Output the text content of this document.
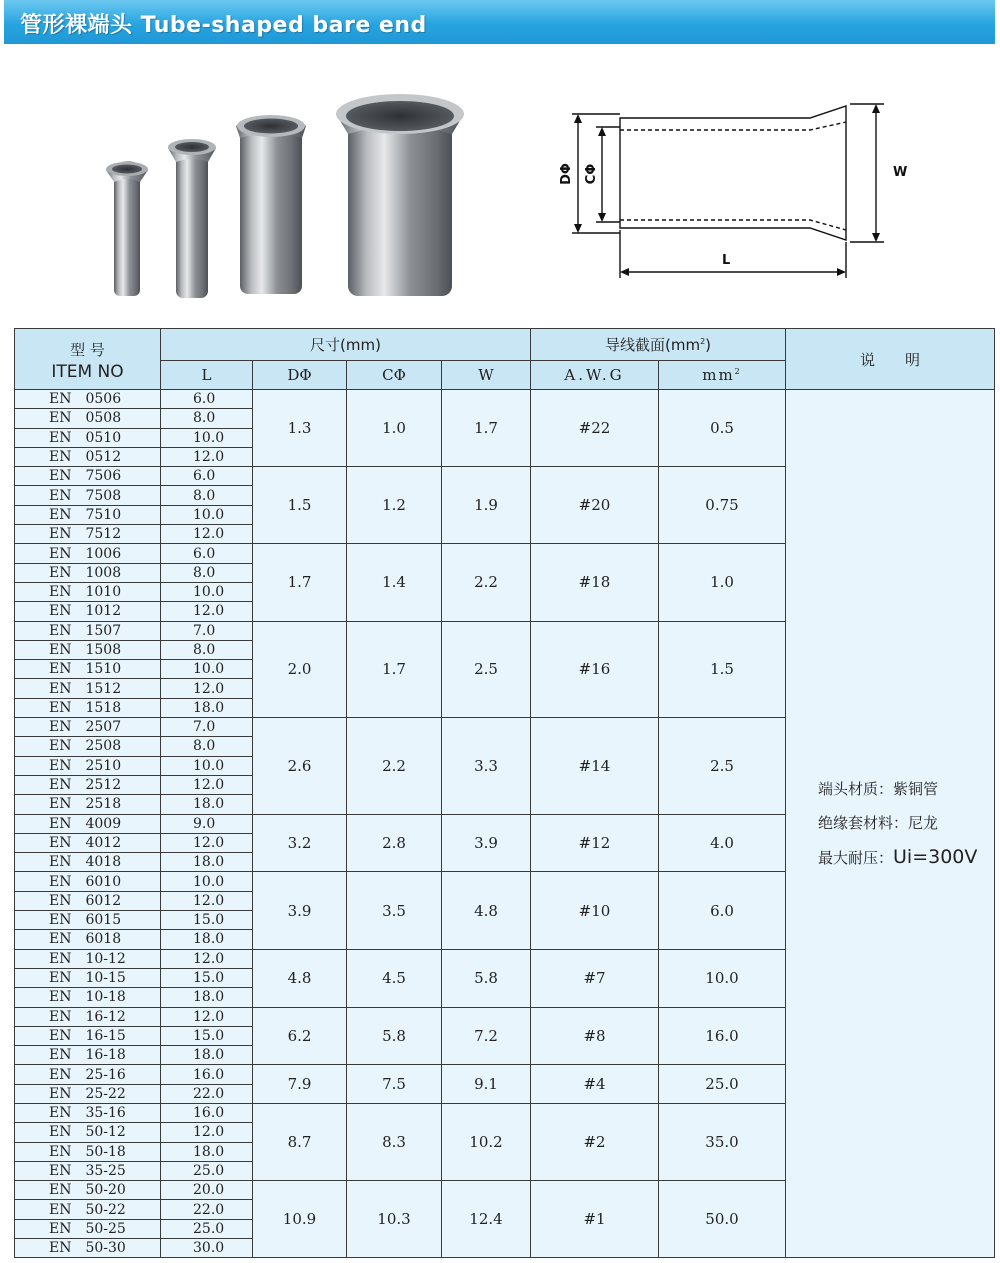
管形裸端头 Tube-shaped bare end
DΦ CΦ	W
L
型 号
ITEM NO	尺寸(mm)				导线截面$(mm^2)$		说　　明
	L	DΦ	CΦ	W	A.W.G	$mm^2$
EN　0506	6.0	1.3	1.0	1.7	#22	0.5	端头材质：紫铜管
绝缘套材料：尼龙
最大耐压：Ui=300V

EN　0508	8.0						
EN　0510	10.0						
EN　0512	12.0						
EN　7506	6.0	1.5	1.2	1.9	#20	0.75	
EN　7508	8.0						
EN　7510	10.0						
EN　7512	12.0						
EN　1006	6.0	1.7	1.4	2.2	#18	1.0	
EN　1008	8.0						
EN　1010	10.0						
EN　1012	12.0						
EN　1507	7.0	2.0	1.7	2.5	#16	1.5	
EN　1508	8.0						
EN　1510	10.0						
EN　1512	12.0						
EN　1518	18.0						
EN　2507	7.0	2.6	2.2	3.3	#14	2.5	
EN　2508	8.0						
EN　2510	10.0						
EN　2512	12.0						
EN　2518	18.0						
EN　4009	9.0	3.2	2.8	3.9	#12	4.0	
EN　4012	12.0						
EN　4018	18.0						
EN　6010	10.0	3.9	3.5	4.8	#10	6.0	
EN　6012	12.0						
EN　6015	15.0						
EN　6018	18.0						
EN　10-12	12.0	4.8	4.5	5.8	#7	10.0	
EN　10-15	15.0						
EN　10-18	18.0						
EN　16-12	12.0	6.2	5.8	7.2	#8	16.0	
EN　16-15	15.0						
EN　16-18	18.0						
EN　25-16	16.0	7.9	7.5	9.1	#4	25.0	
EN　25-22	22.0						
EN　35-16	16.0	8.7	8.3	10.2	#2	35.0	
EN　50-12	12.0						
EN　50-18	18.0						
EN　35-25	25.0						
EN　50-20	20.0	10.9	10.3	12.4	#1	50.0	
EN　50-22	22.0						
EN　50-25	25.0						
EN　50-30	30.0						
